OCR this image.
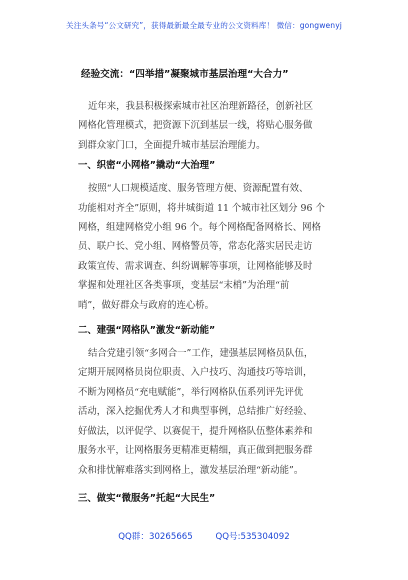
关注头条号“公文研究”，获得最新最全最专业的公文资料库！ 微信：gongwenyj
经验交流：“四举措”凝聚城市基层治理“大合力”
近年来，我县积极探索城市社区治理新路径，创新社区
网格化管理模式，把资源下沉到基层一线，将贴心服务做
到群众家门口，全面提升城市基层治理能力。
一、织密“小网格”撬动“大治理”
按照“人口规模适度、服务管理方便、资源配置有效、
功能相对齐全”原则，将井城街道 11 个城市社区划分 96 个
网格，组建网格党小组 96 个。每个网格配备网格长、网格
员、联户长、党小组、网格警员等，常态化落实居民走访
政策宣传、需求调查、纠纷调解等事项，让网格能够及时
掌握和处理社区各类事项，变基层“末梢”为治理“前
哨”，做好群众与政府的连心桥。
二、建强“网格队”激发“新动能”
结合党建引领“多网合一”工作，建强基层网格员队伍，
定期开展网格员岗位职责、入户技巧、沟通技巧等培训，
不断为网格员“充电赋能”，举行网格队伍系列评先评优
活动，深入挖掘优秀人才和典型事例，总结推广好经验、
好做法，以评促学、以赛促干，提升网格队伍整体素养和
服务水平，让网格服务更精准更精细，真正做到把服务群
众和排忧解难落实到网格上，激发基层治理“新动能”。
三、做实“微服务”托起“大民生”
QQ群：30265665	QQ号:535304092
